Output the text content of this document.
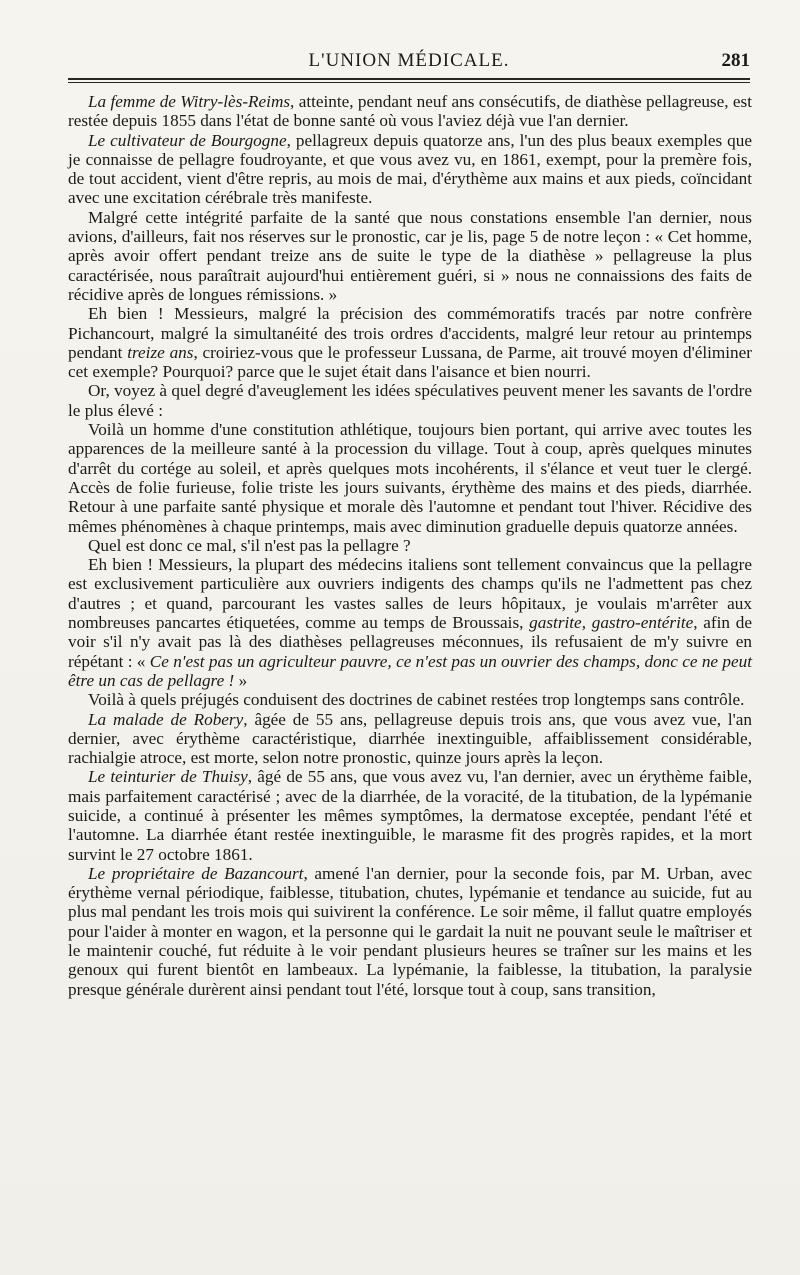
L'UNION MÉDICALE.	281

La femme de Witry-lès-Reims, atteinte, pendant neuf ans consécutifs, de diathèse pellagreuse, est restée depuis 1855 dans l'état de bonne santé où vous l'aviez déjà vue l'an dernier.

Le cultivateur de Bourgogne, pellagreux depuis quatorze ans, l'un des plus beaux exemples que je connaisse de pellagre foudroyante, et que vous avez vu, en 1861, exempt, pour la premère fois, de tout accident, vient d'être repris, au mois de mai, d'érythème aux mains et aux pieds, coïncidant avec une excitation cérébrale très manifeste.

Malgré cette intégrité parfaite de la santé que nous constations ensemble l'an dernier, nous avions, d'ailleurs, fait nos réserves sur le pronostic, car je lis, page 5 de notre leçon : « Cet homme, après avoir offert pendant treize ans de suite le type de la diathèse » pellagreuse la plus caractérisée, nous paraîtrait aujourd'hui entièrement guéri, si » nous ne connaissions des faits de récidive après de longues rémissions. »

Eh bien ! Messieurs, malgré la précision des commémoratifs tracés par notre confrère Pichancourt, malgré la simultanéité des trois ordres d'accidents, malgré leur retour au printemps pendant treize ans, croiriez-vous que le professeur Lussana, de Parme, ait trouvé moyen d'éliminer cet exemple? Pourquoi? parce que le sujet était dans l'aisance et bien nourri.

Or, voyez à quel degré d'aveuglement les idées spéculatives peuvent mener les savants de l'ordre le plus élevé :

Voilà un homme d'une constitution athlétique, toujours bien portant, qui arrive avec toutes les apparences de la meilleure santé à la procession du village. Tout à coup, après quelques minutes d'arrêt du cortége au soleil, et après quelques mots incohérents, il s'élance et veut tuer le clergé. Accès de folie furieuse, folie triste les jours suivants, érythème des mains et des pieds, diarrhée. Retour à une parfaite santé physique et morale dès l'automne et pendant tout l'hiver. Récidive des mêmes phénomènes à chaque printemps, mais avec diminution graduelle depuis quatorze années.

Quel est donc ce mal, s'il n'est pas la pellagre ?

Eh bien ! Messieurs, la plupart des médecins italiens sont tellement convaincus que la pellagre est exclusivement particulière aux ouvriers indigents des champs qu'ils ne l'admettent pas chez d'autres ; et quand, parcourant les vastes salles de leurs hôpitaux, je voulais m'arrêter aux nombreuses pancartes étiquetées, comme au temps de Broussais, gastrite, gastro-entérite, afin de voir s'il n'y avait pas là des diathèses pellagreuses méconnues, ils refusaient de m'y suivre en répétant : « Ce n'est pas un agriculteur pauvre, ce n'est pas un ouvrier des champs, donc ce ne peut être un cas de pellagre ! »

Voilà à quels préjugés conduisent des doctrines de cabinet restées trop longtemps sans contrôle.

La malade de Robery, âgée de 55 ans, pellagreuse depuis trois ans, que vous avez vue, l'an dernier, avec érythème caractéristique, diarrhée inextinguible, affaiblissement considérable, rachialgie atroce, est morte, selon notre pronostic, quinze jours après la leçon.

Le teinturier de Thuisy, âgé de 55 ans, que vous avez vu, l'an dernier, avec un érythème faible, mais parfaitement caractérisé ; avec de la diarrhée, de la voracité, de la titubation, de la lypémanie suicide, a continué à présenter les mêmes symptômes, la dermatose exceptée, pendant l'été et l'automne. La diarrhée étant restée inextinguible, le marasme fit des progrès rapides, et la mort survint le 27 octobre 1861.

Le propriétaire de Bazancourt, amené l'an dernier, pour la seconde fois, par M. Urban, avec érythème vernal périodique, faiblesse, titubation, chutes, lypémanie et tendance au suicide, fut au plus mal pendant les trois mois qui suivirent la conférence. Le soir même, il fallut quatre employés pour l'aider à monter en wagon, et la personne qui le gardait la nuit ne pouvant seule le maîtriser et le maintenir couché, fut réduite à le voir pendant plusieurs heures se traîner sur les mains et les genoux qui furent bientôt en lambeaux. La lypémanie, la faiblesse, la titubation, la paralysie presque générale durèrent ainsi pendant tout l'été, lorsque tout à coup, sans transition,
